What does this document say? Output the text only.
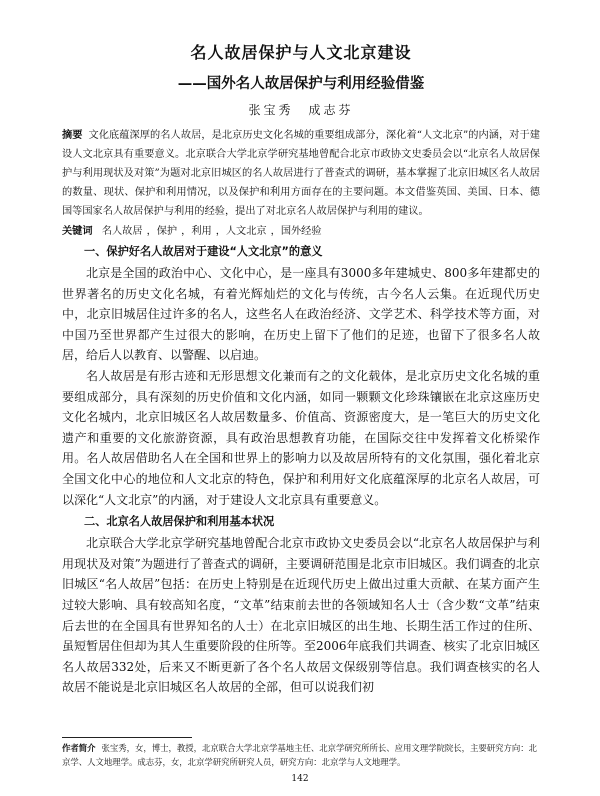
名人故居保护与人文北京建设
——国外名人故居保护与利用经验借鉴
张宝秀　成志芬

摘要 文化底蕴深厚的名人故居，是北京历史文化名城的重要组成部分，深化着“人文北京”的内涵，对于建设人文北京具有重要意义。北京联合大学北京学研究基地曾配合北京市政协文史委员会以“北京名人故居保护与利用现状及对策”为题对北京旧城区的名人故居进行了普查式的调研，基本掌握了北京旧城区名人故居的数量、现状、保护和利用情况，以及保护和利用方面存在的主要问题。本文借鉴英国、美国、日本、德国等国家名人故居保护与利用的经验，提出了对北京名人故居保护与利用的建议。

关键词 名人故居 ，保护 ，利用 ，人文北京 ，国外经验

一、保护好名人故居对于建设“人文北京”的意义

北京是全国的政治中心、文化中心，是一座具有3000多年建城史、800多年建都史的世界著名的历史文化名城，有着光辉灿烂的文化与传统，古今名人云集。在近现代历史中，北京旧城居住过许多的名人，这些名人在政治经济、文学艺术、科学技术等方面，对中国乃至世界都产生过很大的影响，在历史上留下了他们的足迹，也留下了很多名人故居，给后人以教育、以警醒、以启迪。

名人故居是有形古迹和无形思想文化兼而有之的文化载体，是北京历史文化名城的重要组成部分，具有深刻的历史价值和文化内涵，如同一颗颗文化珍珠镶嵌在北京这座历史文化名城内，北京旧城区名人故居数量多、价值高、资源密度大，是一笔巨大的历史文化遗产和重要的文化旅游资源，具有政治思想教育功能，在国际交往中发挥着文化桥梁作用。名人故居借助名人在全国和世界上的影响力以及故居所特有的文化氛围，强化着北京全国文化中心的地位和人文北京的特色，保护和利用好文化底蕴深厚的北京名人故居，可以深化“人文北京”的内涵，对于建设人文北京具有重要意义。

二、北京名人故居保护和利用基本状况

北京联合大学北京学研究基地曾配合北京市政协文史委员会以“北京名人故居保护与利用现状及对策”为题进行了普查式的调研，主要调研范围是北京市旧城区。我们调查的北京旧城区“名人故居”包括：在历史上特别是在近现代历史上做出过重大贡献、在某方面产生过较大影响、具有较高知名度，“文革”结束前去世的各领域知名人士（含少数“文革”结束后去世的在全国具有世界知名的人士）在北京旧城区的出生地、长期生活工作过的住所、虽短暂居住但却为其人生重要阶段的住所等。至2006年底我们共调查、核实了北京旧城区名人故居332处，后来又不断更新了各个名人故居文保级别等信息。我们调查核实的名人故居不能说是北京旧城区名人故居的全部，但可以说我们初

作者简介 张宝秀，女，博士，教授，北京联合大学北京学基地主任、北京学研究所所长、应用文理学院院长，主要研究方向：北京学、人文地理学。成志芬，女，北京学研究所研究人员，研究方向：北京学与人文地理学。

142
